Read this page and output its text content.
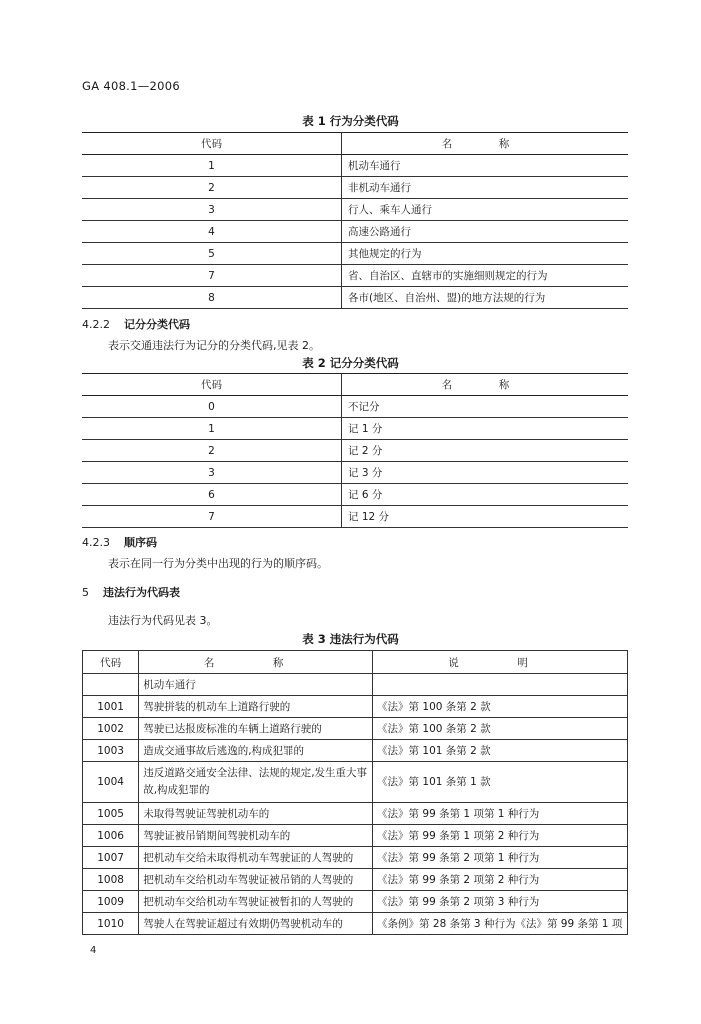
GA 408.1—2006
表 1 行为分类代码
代码	名　称
1	机动车通行
2	非机动车通行
3	行人、乘车人通行
4	高速公路通行
5	其他规定的行为
7	省、自治区、直辖市的实施细则规定的行为
8	各市(地区、自治州、盟)的地方法规的行为
4.2.2 记分分类代码
表示交通违法行为记分的分类代码,见表 2。
表 2 记分分类代码
代码	名　称
0	不记分
1	记 1 分
2	记 2 分
3	记 3 分
6	记 6 分
7	记 12 分
4.2.3 顺序码
表示在同一行为分类中出现的行为的顺序码。
5 违法行为代码表
违法行为代码见表 3。
表 3 违法行为代码
代码	名　称	说　明
	机动车通行	
1001	驾驶拼装的机动车上道路行驶的	《法》第 100 条第 2 款
1002	驾驶已达报废标准的车辆上道路行驶的	《法》第 100 条第 2 款
1003	造成交通事故后逃逸的,构成犯罪的	《法》第 101 条第 2 款
1004	违反道路交通安全法律、法规的规定,发生重大事故,构成犯罪的	《法》第 101 条第 1 款
1005	未取得驾驶证驾驶机动车的	《法》第 99 条第 1 项第 1 种行为
1006	驾驶证被吊销期间驾驶机动车的	《法》第 99 条第 1 项第 2 种行为
1007	把机动车交给未取得机动车驾驶证的人驾驶的	《法》第 99 条第 2 项第 1 种行为
1008	把机动车交给机动车驾驶证被吊销的人驾驶的	《法》第 99 条第 2 项第 2 种行为
1009	把机动车交给机动车驾驶证被暂扣的人驾驶的	《法》第 99 条第 2 项第 3 种行为
1010	驾驶人在驾驶证超过有效期仍驾驶机动车的	《条例》第 28 条第 3 种行为《法》第 99 条第 1 项
4
